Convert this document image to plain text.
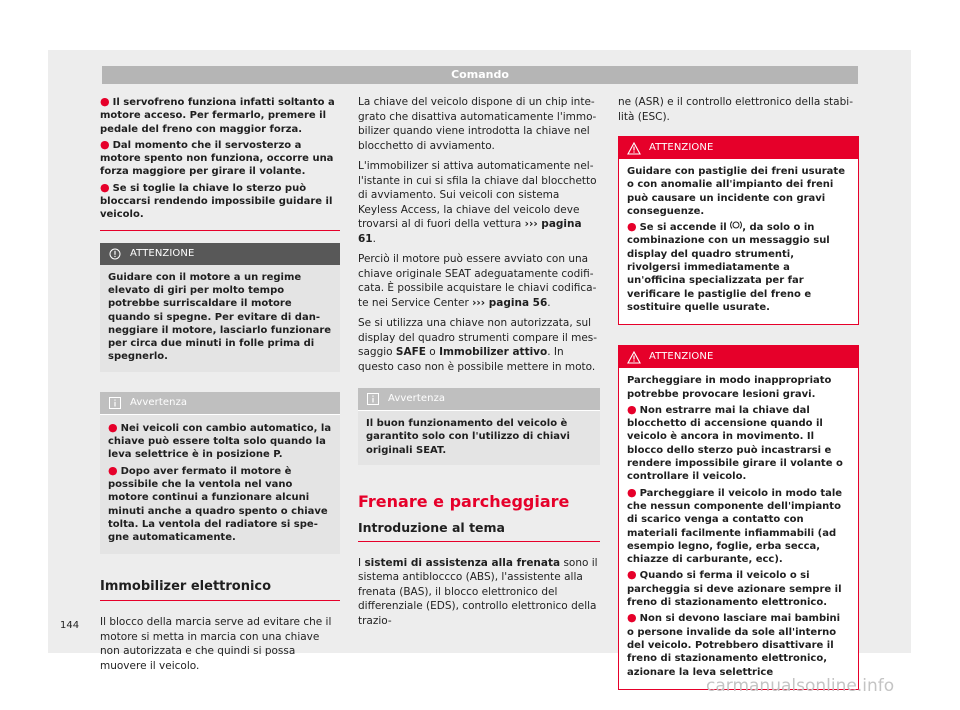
Comando

● Il servofreno funziona infatti soltanto a motore acceso. Per fermarlo, premere il pedale del freno con maggior forza.

● Dal momento che il servosterzo a motore spento non funziona, occorre una forza maggiore per girare il volante.

● Se si toglie la chiave lo sterzo può bloccarsi rendendo impossibile guidare il veicolo.

ATTENZIONE
Guidare con il motore a un regime elevato di giri per molto tempo potrebbe surriscaldare il motore quando si spegne. Per evitare di danneggiare il motore, lasciarlo funzionare per circa due minuti in folle prima di spegnerlo.
Avvertenza

● Nei veicoli con cambio automatico, la chiave può essere tolta solo quando la leva selettrice è in posizione P.

● Dopo aver fermato il motore è possibile che la ventola nel vano motore continui a funzionare alcuni minuti anche a quadro spento o chiave tolta. La ventola del radiatore si spegne automaticamente.

Immobilizer elettronico

Il blocco della marcia serve ad evitare che il motore si metta in marcia con una chiave non autorizzata e che quindi si possa muovere il veicolo.

La chiave del veicolo dispone di un chip integrato che disattiva automaticamente l'immobilizer quando viene introdotta la chiave nel blocchetto di avviamento.

L'immobilizer si attiva automaticamente nell'istante in cui si sfila la chiave dal blocchetto di avviamento. Sui veicoli con sistema Keyless Access, la chiave del veicolo deve trovarsi al di fuori della vettura ››› pagina 61.

Perciò il motore può essere avviato con una chiave originale SEAT adeguatamente codificata. È possibile acquistare le chiavi codificate nei Service Center ››› pagina 56.

Se si utilizza una chiave non autorizzata, sul display del quadro strumenti compare il messaggio SAFE o Immobilizer attivo. In questo caso non è possibile mettere in moto.

Avvertenza
Il buon funzionamento del veicolo è garantito solo con l'utilizzo di chiavi originali SEAT.
Frenare e parcheggiare
Introduzione al tema

I sistemi di assistenza alla frenata sono il sistema antibloccco (ABS), l'assistente alla frenata (BAS), il blocco elettronico del differenziale (EDS), controllo elettronico della trazio-

ne (ASR) e il controllo elettronico della stabilità (ESC).

ATTENZIONE

Guidare con pastiglie dei freni usurate o con anomalie all'impianto dei freni può causare un incidente con gravi conseguenze.

● Se si accende il , da solo o in combinazione con un messaggio sul display del quadro strumenti, rivolgersi immediatamente a un'officina specializzata per far verificare le pastiglie del freno e sostituire quelle usurate.

ATTENZIONE

Parcheggiare in modo inappropriato potrebbe provocare lesioni gravi.

● Non estrarre mai la chiave dal blocchetto di accensione quando il veicolo è ancora in movimento. Il blocco dello sterzo può incastrarsi e rendere impossibile girare il volante o controllare il veicolo.

● Parcheggiare il veicolo in modo tale che nessun componente dell'impianto di scarico venga a contatto con materiali facilmente infiammabili (ad esempio legno, foglie, erba secca, chiazze di carburante, ecc).

● Quando si ferma il veicolo o si parcheggia si deve azionare sempre il freno di stazionamento elettronico.

● Non si devono lasciare mai bambini o persone invalide da sole all'interno del veicolo. Potrebbero disattivare il freno di stazionamento elettronico, azionare la leva selettrice

144
carmanualsonline.info
